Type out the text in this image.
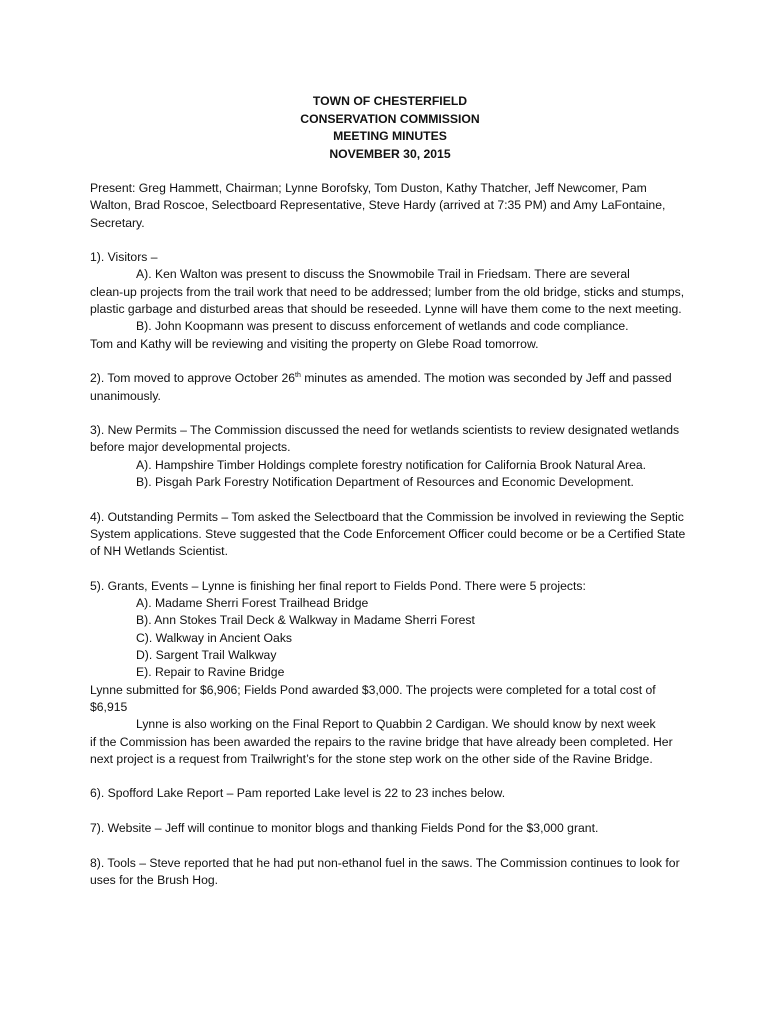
TOWN OF CHESTERFIELD
CONSERVATION COMMISSION
MEETING MINUTES
NOVEMBER 30, 2015

Present: Greg Hammett, Chairman; Lynne Borofsky, Tom Duston, Kathy Thatcher, Jeff Newcomer, Pam Walton, Brad Roscoe, Selectboard Representative, Steve Hardy (arrived at 7:35 PM) and Amy LaFontaine, Secretary.

1). Visitors –
A). Ken Walton was present to discuss the Snowmobile Trail in Friedsam. There are several
clean-up projects from the trail work that need to be addressed; lumber from the old bridge, sticks and stumps, plastic garbage and disturbed areas that should be reseeded. Lynne will have them come to the next meeting.
B). John Koopmann was present to discuss enforcement of wetlands and code compliance.
Tom and Kathy will be reviewing and visiting the property on Glebe Road tomorrow.

2). Tom moved to approve October 26th minutes as amended. The motion was seconded by Jeff and passed unanimously.

3). New Permits – The Commission discussed the need for wetlands scientists to review designated wetlands before major developmental projects.
A). Hampshire Timber Holdings complete forestry notification for California Brook Natural Area.
B). Pisgah Park Forestry Notification Department of Resources and Economic Development.

4). Outstanding Permits – Tom asked the Selectboard that the Commission be involved in reviewing the Septic System applications. Steve suggested that the Code Enforcement Officer could become or be a Certified State of NH Wetlands Scientist.

5). Grants, Events – Lynne is finishing her final report to Fields Pond. There were 5 projects:
A). Madame Sherri Forest Trailhead Bridge
B). Ann Stokes Trail Deck & Walkway in Madame Sherri Forest
C). Walkway in Ancient Oaks
D). Sargent Trail Walkway
E). Repair to Ravine Bridge
Lynne submitted for $6,906; Fields Pond awarded $3,000. The projects were completed for a total cost of $6,915
Lynne is also working on the Final Report to Quabbin 2 Cardigan. We should know by next week
if the Commission has been awarded the repairs to the ravine bridge that have already been completed. Her next project is a request from Trailwright’s for the stone step work on the other side of the Ravine Bridge.

6). Spofford Lake Report – Pam reported Lake level is 22 to 23 inches below.

7). Website – Jeff will continue to monitor blogs and thanking Fields Pond for the $3,000 grant.

8). Tools – Steve reported that he had put non-ethanol fuel in the saws. The Commission continues to look for uses for the Brush Hog.
